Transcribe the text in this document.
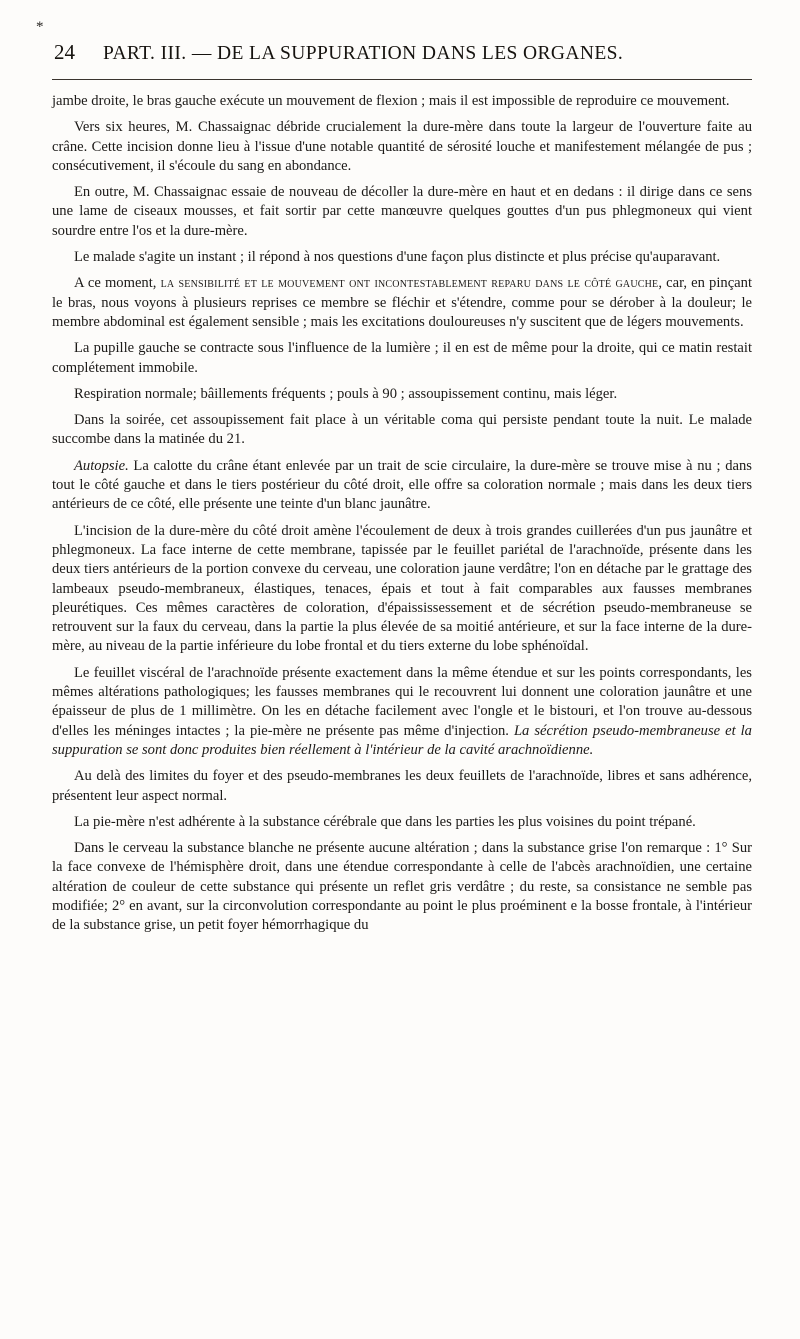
*
24 PART. III. — DE LA SUPPURATION DANS LES ORGANES.

jambe droite, le bras gauche exécute un mouvement de flexion ; mais il est impossible de reproduire ce mouvement.

Vers six heures, M. Chassaignac débride crucialement la dure-mère dans toute la largeur de l'ouverture faite au crâne. Cette incision donne lieu à l'issue d'une notable quantité de sérosité louche et manifestement mélangée de pus ; consécutivement, il s'écoule du sang en abondance.

En outre, M. Chassaignac essaie de nouveau de décoller la dure-mère en haut et en dedans : il dirige dans ce sens une lame de ciseaux mousses, et fait sortir par cette manœuvre quelques gouttes d'un pus phlegmoneux qui vient sourdre entre l'os et la dure-mère.

Le malade s'agite un instant ; il répond à nos questions d'une façon plus distincte et plus précise qu'auparavant.

A ce moment, la sensibilité et le mouvement ont incontestablement reparu dans le côté gauche, car, en pinçant le bras, nous voyons à plusieurs reprises ce membre se fléchir et s'étendre, comme pour se dérober à la douleur; le membre abdominal est également sensible ; mais les excitations douloureuses n'y suscitent que de légers mouvements.

La pupille gauche se contracte sous l'influence de la lumière ; il en est de même pour la droite, qui ce matin restait complétement immobile.

Respiration normale; bâillements fréquents ; pouls à 90 ; assoupissement continu, mais léger.

Dans la soirée, cet assoupissement fait place à un véritable coma qui persiste pendant toute la nuit. Le malade succombe dans la matinée du 21.

Autopsie. La calotte du crâne étant enlevée par un trait de scie circulaire, la dure-mère se trouve mise à nu ; dans tout le côté gauche et dans le tiers postérieur du côté droit, elle offre sa coloration normale ; mais dans les deux tiers antérieurs de ce côté, elle présente une teinte d'un blanc jaunâtre.

L'incision de la dure-mère du côté droit amène l'écoulement de deux à trois grandes cuillerées d'un pus jaunâtre et phlegmoneux. La face interne de cette membrane, tapissée par le feuillet pariétal de l'arachnoïde, présente dans les deux tiers antérieurs de la portion convexe du cerveau, une coloration jaune verdâtre; l'on en détache par le grattage des lambeaux pseudo-membraneux, élastiques, tenaces, épais et tout à fait comparables aux fausses membranes pleurétiques. Ces mêmes caractères de coloration, d'épaississessement et de sécrétion pseudo-membraneuse se retrouvent sur la faux du cerveau, dans la partie la plus élevée de sa moitié antérieure, et sur la face interne de la dure-mère, au niveau de la partie inférieure du lobe frontal et du tiers externe du lobe sphénoïdal.

Le feuillet viscéral de l'arachnoïde présente exactement dans la même étendue et sur les points correspondants, les mêmes altérations pathologiques; les fausses membranes qui le recouvrent lui donnent une coloration jaunâtre et une épaisseur de plus de 1 millimètre. On les en détache facilement avec l'ongle et le bistouri, et l'on trouve au-dessous d'elles les méninges intactes ; la pie-mère ne présente pas même d'injection. La sécrétion pseudo-membraneuse et la suppuration se sont donc produites bien réellement à l'intérieur de la cavité arachnoïdienne.

Au delà des limites du foyer et des pseudo-membranes les deux feuillets de l'arachnoïde, libres et sans adhérence, présentent leur aspect normal.

La pie-mère n'est adhérente à la substance cérébrale que dans les parties les plus voisines du point trépané.

Dans le cerveau la substance blanche ne présente aucune altération ; dans la substance grise l'on remarque : 1° Sur la face convexe de l'hémisphère droit, dans une étendue correspondante à celle de l'abcès arachnoïdien, une certaine altération de couleur de cette substance qui présente un reflet gris verdâtre ; du reste, sa consistance ne semble pas modifiée; 2° en avant, sur la circonvolution correspondante au point le plus proéminent e la bosse frontale, à l'intérieur de la substance grise, un petit foyer hémorrhagique du
